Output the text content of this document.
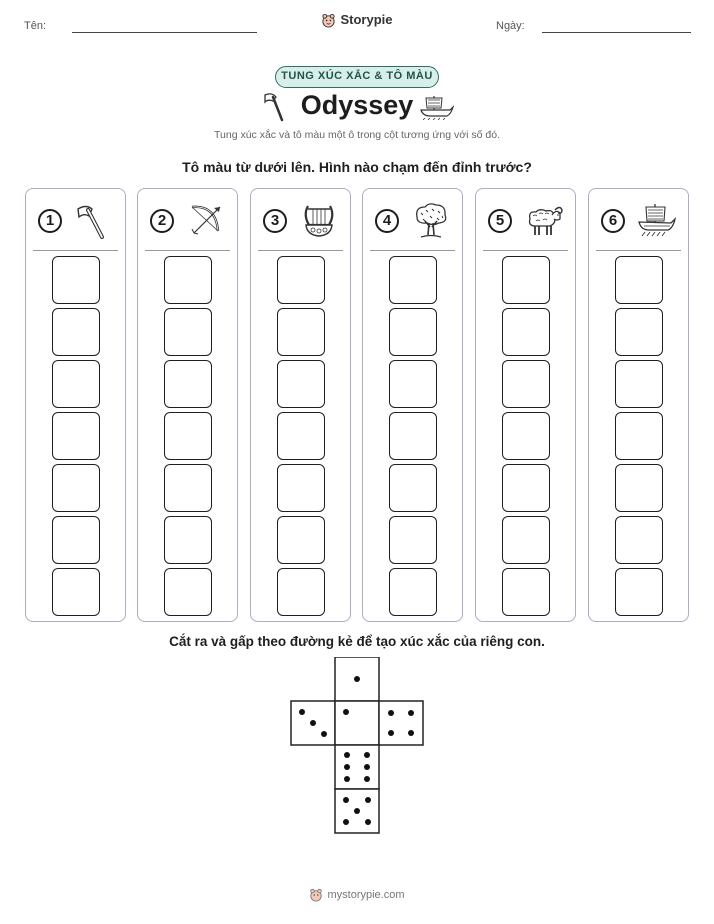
Tên:	Storypie	Ngày:
TUNG XÚC XẮC & TÔ MÀU
Odyssey
Tung xúc xắc và tô màu một ô trong cột tương ứng với số đó.
Tô màu từ dưới lên. Hình nào chạm đến đỉnh trước?
1	2	3	4	5	6
Cắt ra và gấp theo đường kẻ để tạo xúc xắc của riêng con.
mystorypie.com
